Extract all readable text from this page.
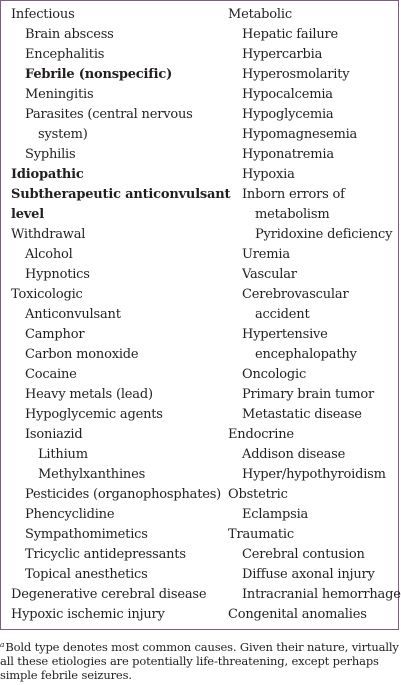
Infectious
Brain abscess
Encephalitis
Febrile (nonspecific)
Meningitis
Parasites (central nervous
system)
Syphilis
Idiopathic
Subtherapeutic anticonvulsant
level
Withdrawal
Alcohol
Hypnotics
Toxicologic
Anticonvulsant
Camphor
Carbon monoxide
Cocaine
Heavy metals (lead)
Hypoglycemic agents
Isoniazid
Lithium
Methylxanthines
Pesticides (organophosphates)
Phencyclidine
Sympathomimetics
Tricyclic antidepressants
Topical anesthetics
Degenerative cerebral disease
Hypoxic ischemic injury
Metabolic
Hepatic failure
Hypercarbia
Hyperosmolarity
Hypocalcemia
Hypoglycemia
Hypomagnesemia
Hyponatremia
Hypoxia
Inborn errors of
metabolism
Pyridoxine deficiency
Uremia
Vascular
Cerebrovascular
accident
Hypertensive
encephalopathy
Oncologic
Primary brain tumor
Metastatic disease
Endocrine
Addison disease
Hyper/hypothyroidism
Obstetric
Eclampsia
Traumatic
Cerebral contusion
Diffuse axonal injury
Intracranial hemorrhage
Congenital anomalies
$^a$Bold type denotes most common causes. Given their nature, virtually all these etiologies are potentially life-threatening, except perhaps simple febrile seizures.
